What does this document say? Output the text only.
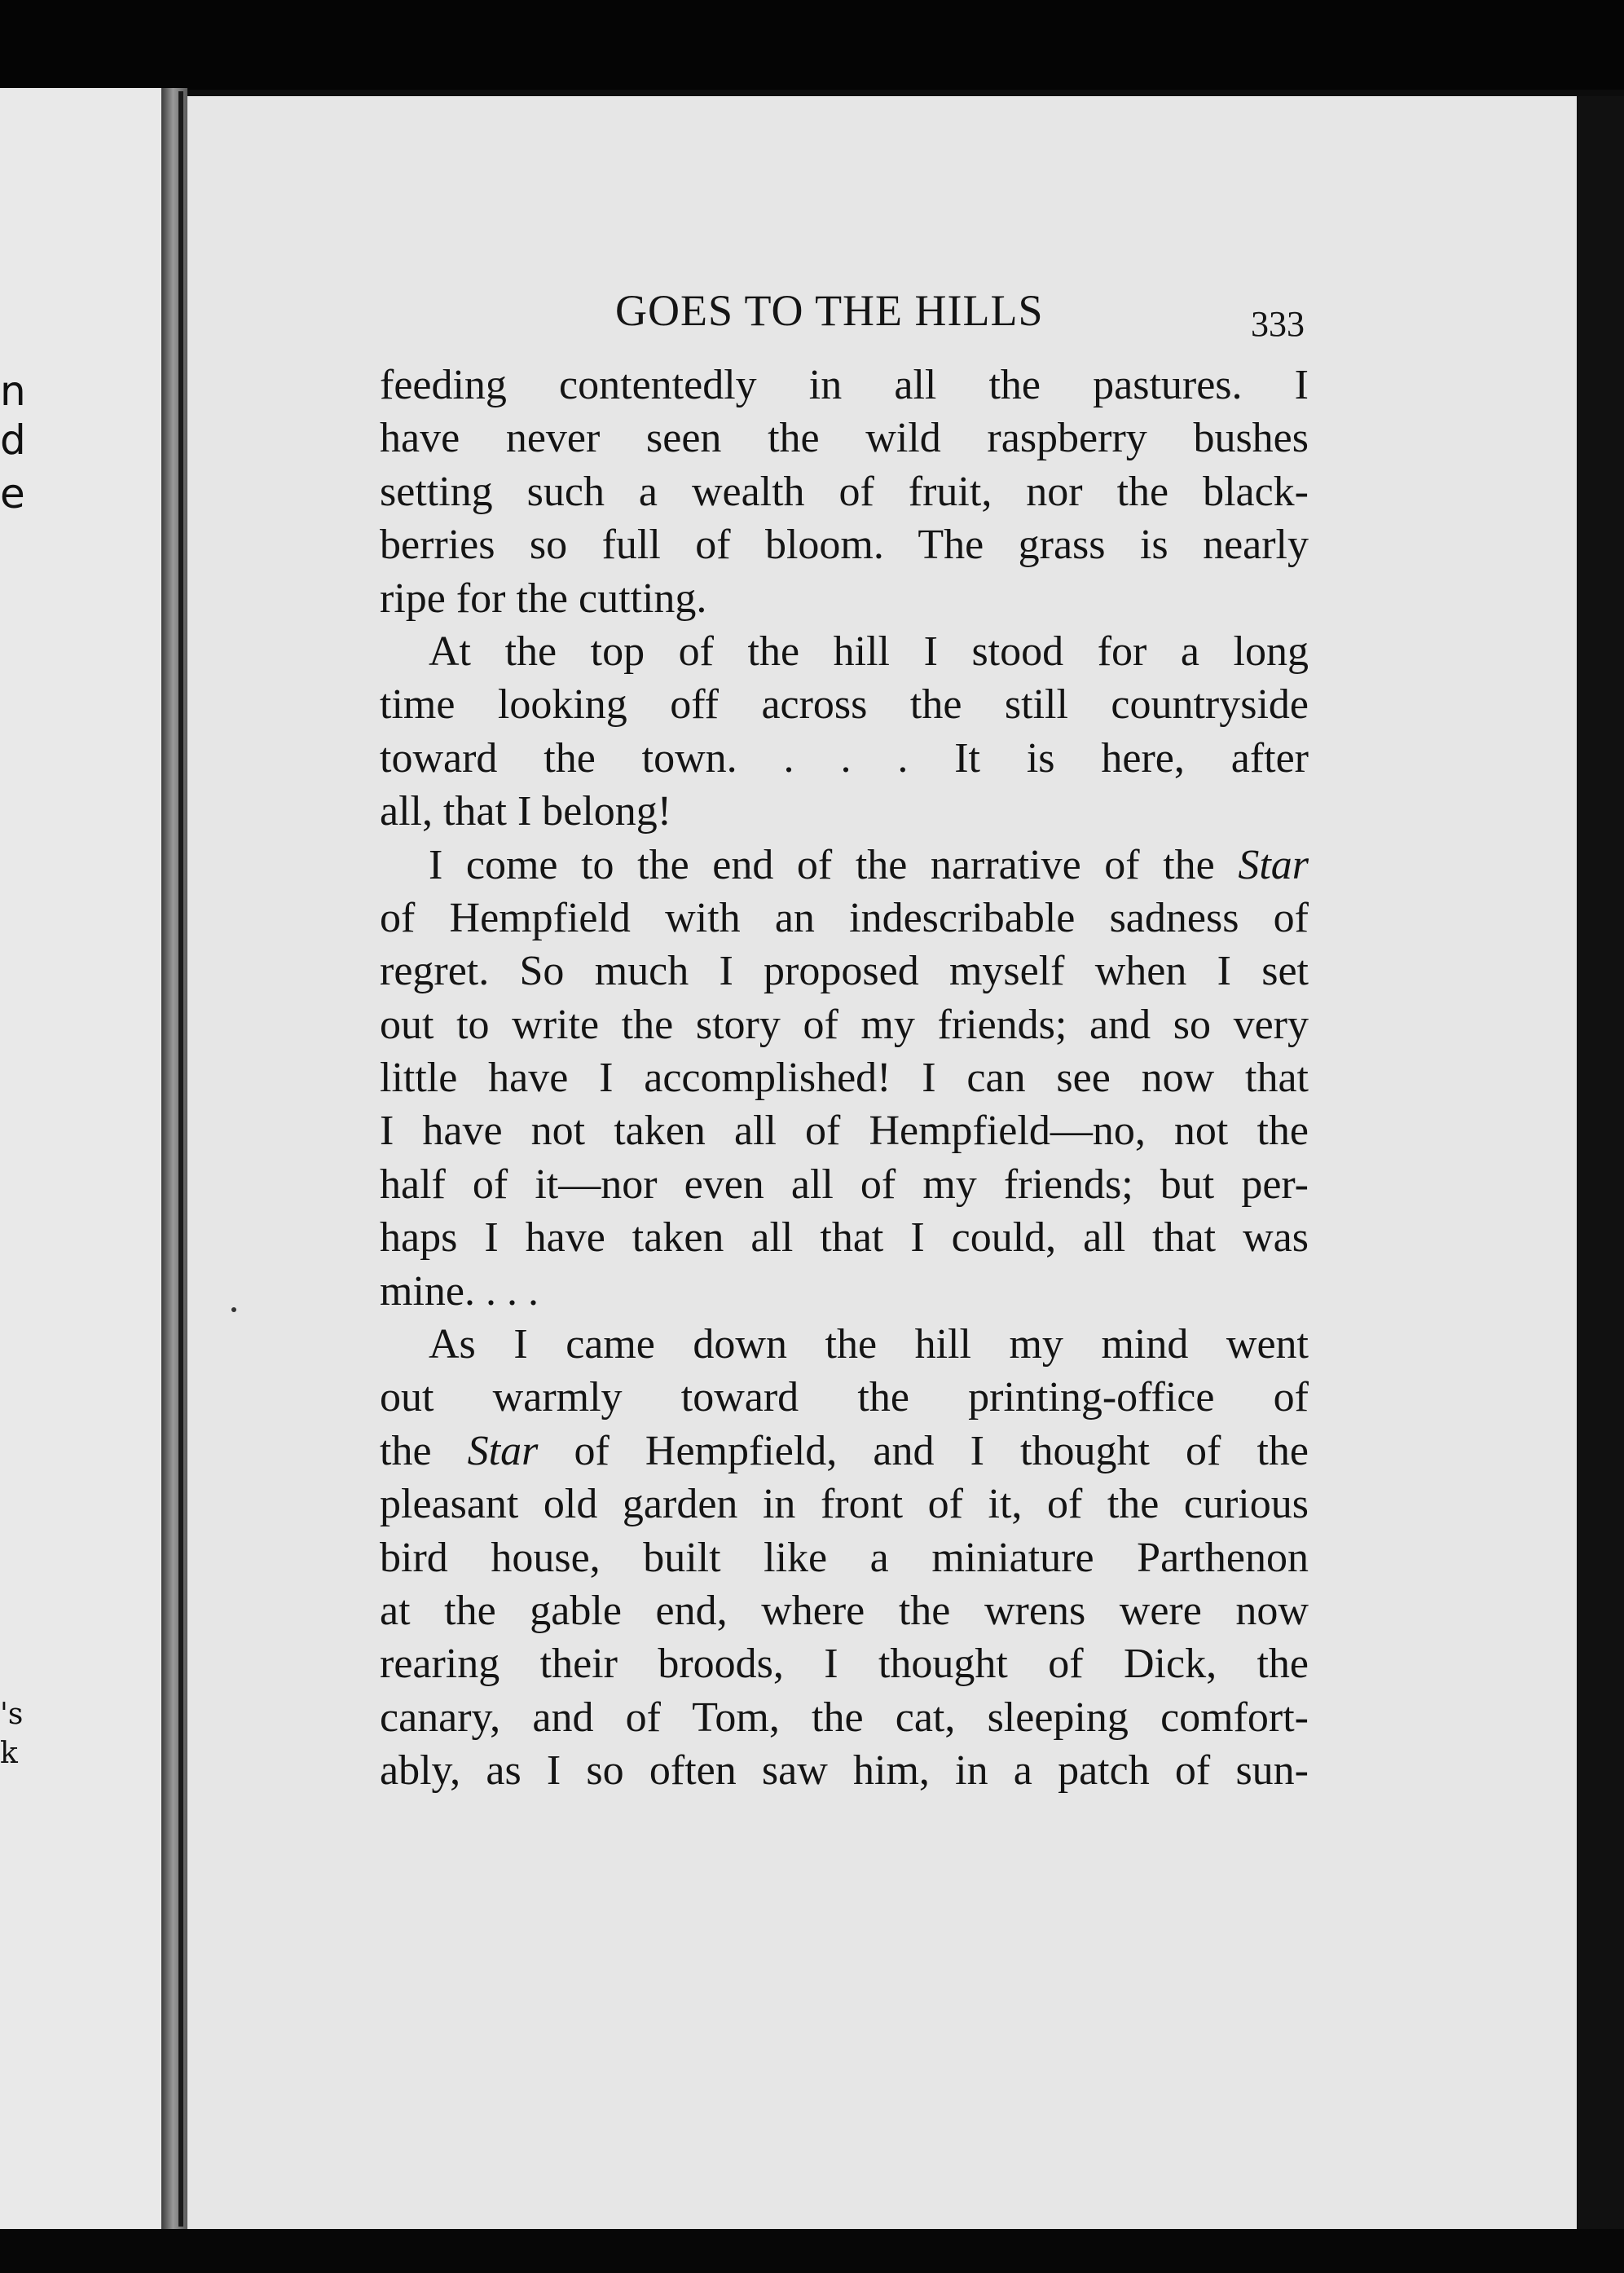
n
d
e
's
k
GOES TO THE HILLS	333
feeding contentedly in all the pastures. I
have never seen the wild raspberry bushes
setting such a wealth of fruit, nor the black-
berries so full of bloom. The grass is nearly
ripe for the cutting.
At the top of the hill I stood for a long
time looking off across the still countryside
toward the town. . . . It is here, after
all, that I belong!
I come to the end of the narrative of the Star
of Hempfield with an indescribable sadness of
regret. So much I proposed myself when I set
out to write the story of my friends; and so very
little have I accomplished! I can see now that
I have not taken all of Hempfield—no, not the
half of it—nor even all of my friends; but per-
haps I have taken all that I could, all that was
mine. . . .
As I came down the hill my mind went
out warmly toward the printing-office of
the Star of Hempfield, and I thought of the
pleasant old garden in front of it, of the curious
bird house, built like a miniature Parthenon
at the gable end, where the wrens were now
rearing their broods, I thought of Dick, the
canary, and of Tom, the cat, sleeping comfort-
ably, as I so often saw him, in a patch of sun-
